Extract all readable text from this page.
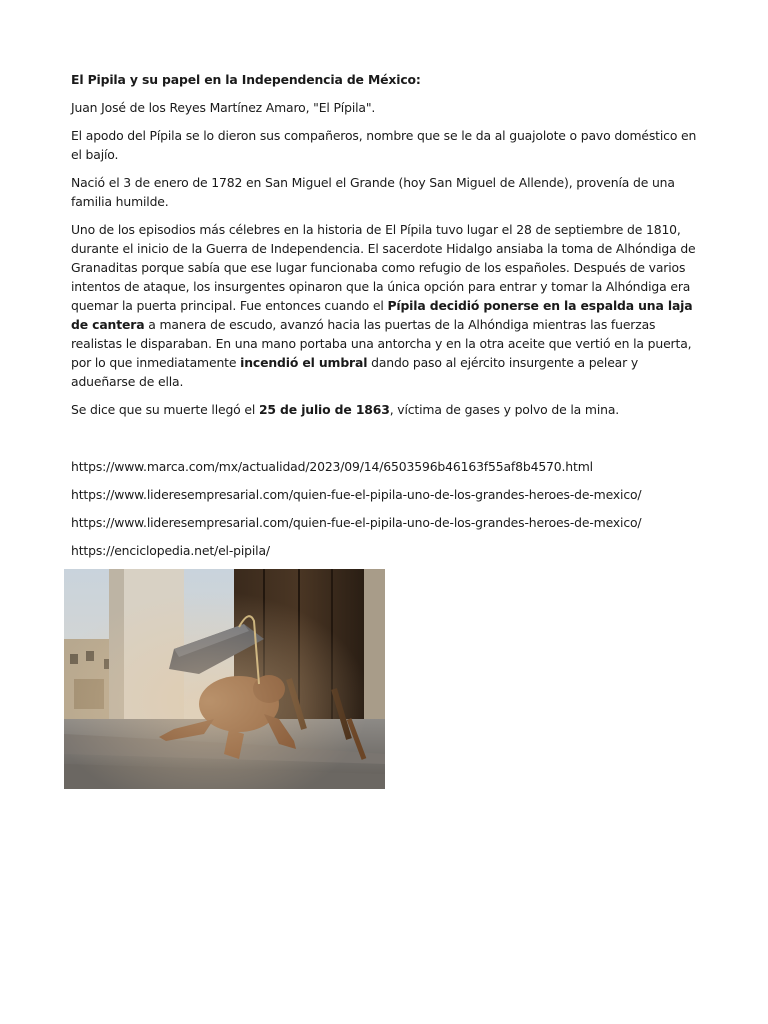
El Pipila y su papel en la Independencia de México:

Juan José de los Reyes Martínez Amaro, "El Pípila".

El apodo del Pípila se lo dieron sus compañeros, nombre que se le da al guajolote o pavo doméstico en el bajío.

Nació el 3 de enero de 1782 en San Miguel el Grande (hoy San Miguel de Allende), provenía de una familia humilde.

Uno de los episodios más célebres en la historia de El Pípila tuvo lugar el 28 de septiembre de 1810, durante el inicio de la Guerra de Independencia. El sacerdote Hidalgo ansiaba la toma de Alhóndiga de Granaditas porque sabía que ese lugar funcionaba como refugio de los españoles. Después de varios intentos de ataque, los insurgentes opinaron que la única opción para entrar y tomar la Alhóndiga era quemar la puerta principal. Fue entonces cuando el Pípila decidió ponerse en la espalda una laja de cantera a manera de escudo, avanzó hacia las puertas de la Alhóndiga mientras las fuerzas realistas le disparaban. En una mano portaba una antorcha y en la otra aceite que vertió en la puerta, por lo que inmediatamente incendió el umbral dando paso al ejército insurgente a pelear y adueñarse de ella.

Se dice que su muerte llegó el 25 de julio de 1863, víctima de gases y polvo de la mina.

https://www.marca.com/mx/actualidad/2023/09/14/6503596b46163f55af8b4570.html

https://www.lideresempresarial.com/quien-fue-el-pipila-uno-de-los-grandes-heroes-de-mexico/

https://www.lideresempresarial.com/quien-fue-el-pipila-uno-de-los-grandes-heroes-de-mexico/

https://enciclopedia.net/el-pipila/
